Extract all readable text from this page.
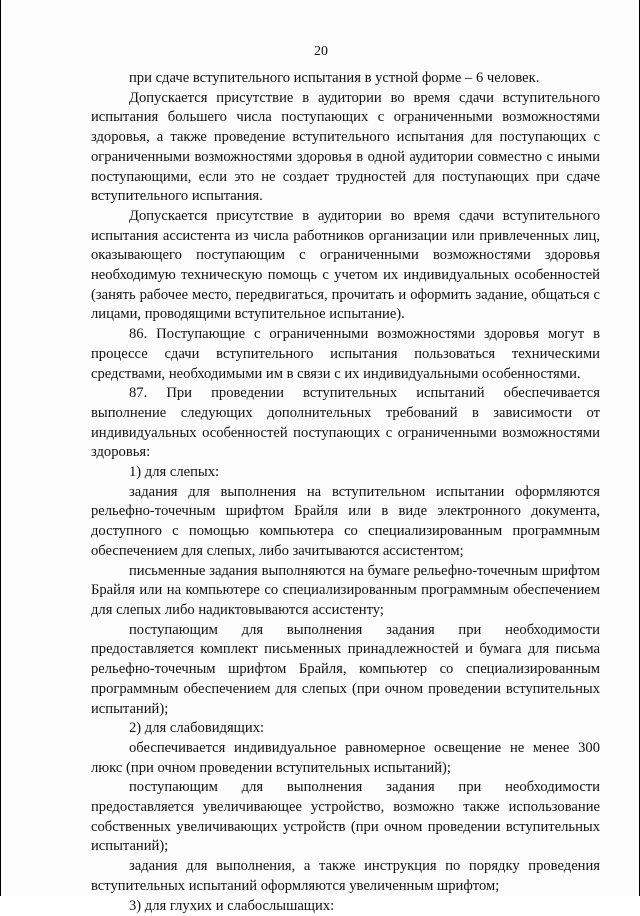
20

при сдаче вступительного испытания в устной форме – 6 человек.

Допускается присутствие в аудитории во время сдачи вступительного испытания большего числа поступающих с ограниченными возможностями здоровья, а также проведение вступительного испытания для поступающих с ограниченными возможностями здоровья в одной аудитории совместно с иными поступающими, если это не создает трудностей для поступающих при сдаче вступительного испытания.

Допускается присутствие в аудитории во время сдачи вступительного испытания ассистента из числа работников организации или привлеченных лиц, оказывающего поступающим с ограниченными возможностями здоровья необходимую техническую помощь с учетом их индивидуальных особенностей (занять рабочее место, передвигаться, прочитать и оформить задание, общаться с лицами, проводящими вступительное испытание).

86. Поступающие с ограниченными возможностями здоровья могут в процессе сдачи вступительного испытания пользоваться техническими средствами, необходимыми им в связи с их индивидуальными особенностями.

87. При проведении вступительных испытаний обеспечивается выполнение следующих дополнительных требований в зависимости от индивидуальных особенностей поступающих с ограниченными возможностями здоровья:

1) для слепых:

задания для выполнения на вступительном испытании оформляются рельефно-точечным шрифтом Брайля или в виде электронного документа, доступного с помощью компьютера со специализированным программным обеспечением для слепых, либо зачитываются ассистентом;

письменные задания выполняются на бумаге рельефно-точечным шрифтом Брайля или на компьютере со специализированным программным обеспечением для слепых либо надиктовываются ассистенту;

поступающим для выполнения задания при необходимости предоставляется комплект письменных принадлежностей и бумага для письма рельефно-точечным шрифтом Брайля, компьютер со специализированным программным обеспечением для слепых (при очном проведении вступительных испытаний);

2) для слабовидящих:

обеспечивается индивидуальное равномерное освещение не менее 300 люкс (при очном проведении вступительных испытаний);

поступающим для выполнения задания при необходимости предоставляется увеличивающее устройство, возможно также использование собственных увеличивающих устройств (при очном проведении вступительных испытаний);

задания для выполнения, а также инструкция по порядку проведения вступительных испытаний оформляются увеличенным шрифтом;

3) для глухих и слабослышащих:
